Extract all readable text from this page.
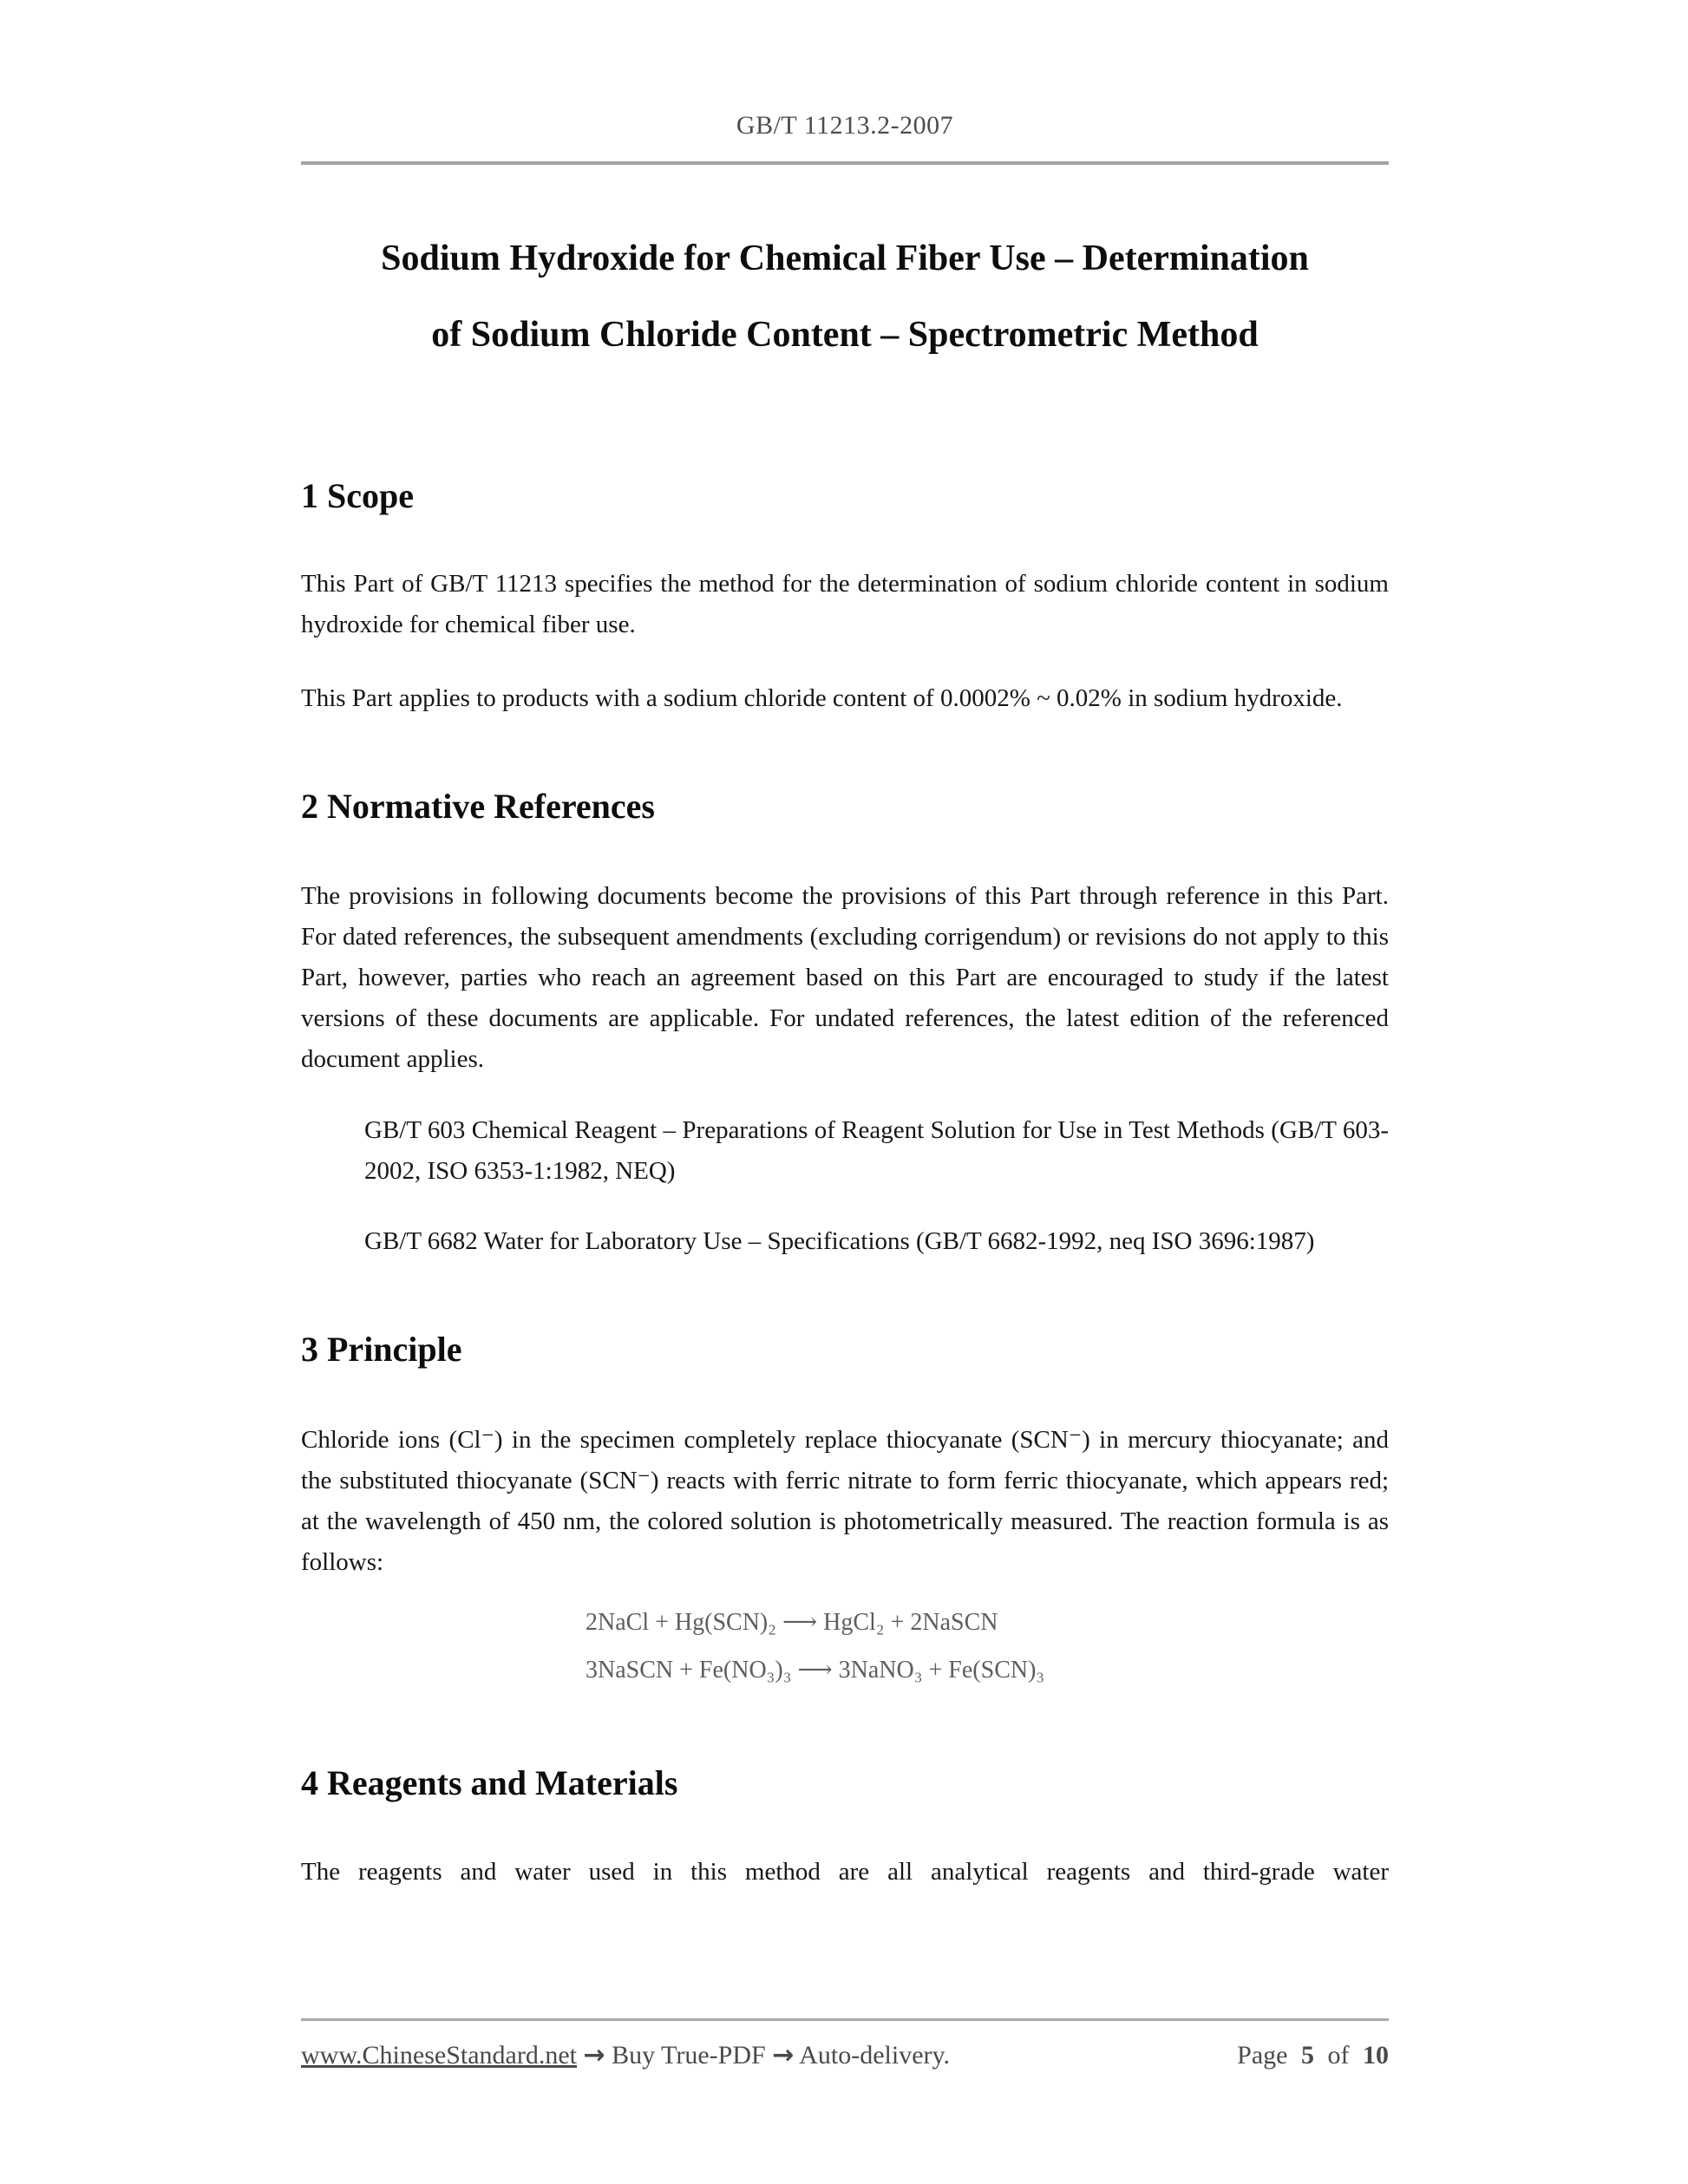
GB/T 11213.2-2007
Sodium Hydroxide for Chemical Fiber Use – Determination
of Sodium Chloride Content – Spectrometric Method
1 Scope

This Part of GB/T 11213 specifies the method for the determination of sodium chloride content in sodium hydroxide for chemical fiber use.

This Part applies to products with a sodium chloride content of 0.0002% ~ 0.02% in sodium hydroxide.

2 Normative References

The provisions in following documents become the provisions of this Part through reference in this Part. For dated references, the subsequent amendments (excluding corrigendum) or revisions do not apply to this Part, however, parties who reach an agreement based on this Part are encouraged to study if the latest versions of these documents are applicable. For undated references, the latest edition of the referenced document applies.

GB/T 603 Chemical Reagent – Preparations of Reagent Solution for Use in Test Methods (GB/T 603-2002, ISO 6353-1:1982, NEQ)

GB/T 6682 Water for Laboratory Use – Specifications (GB/T 6682-1992, neq ISO 3696:1987)

3 Principle

Chloride ions (Cl⁻) in the specimen completely replace thiocyanate (SCN⁻) in mercury thiocyanate; and the substituted thiocyanate (SCN⁻) reacts with ferric nitrate to form ferric thiocyanate, which appears red; at the wavelength of 450 nm, the colored solution is photometrically measured. The reaction formula is as follows:

2NaCl + Hg(SCN)₂ ⟶ HgCl₂ + 2NaSCN
3NaSCN + Fe(NO₃)₃ ⟶ 3NaNO₃ + Fe(SCN)₃
4 Reagents and Materials

The reagents and water used in this method are all analytical reagents and third-grade water

www.ChineseStandard.net → Buy True-PDF → Auto-delivery.	Page 5 of 10
